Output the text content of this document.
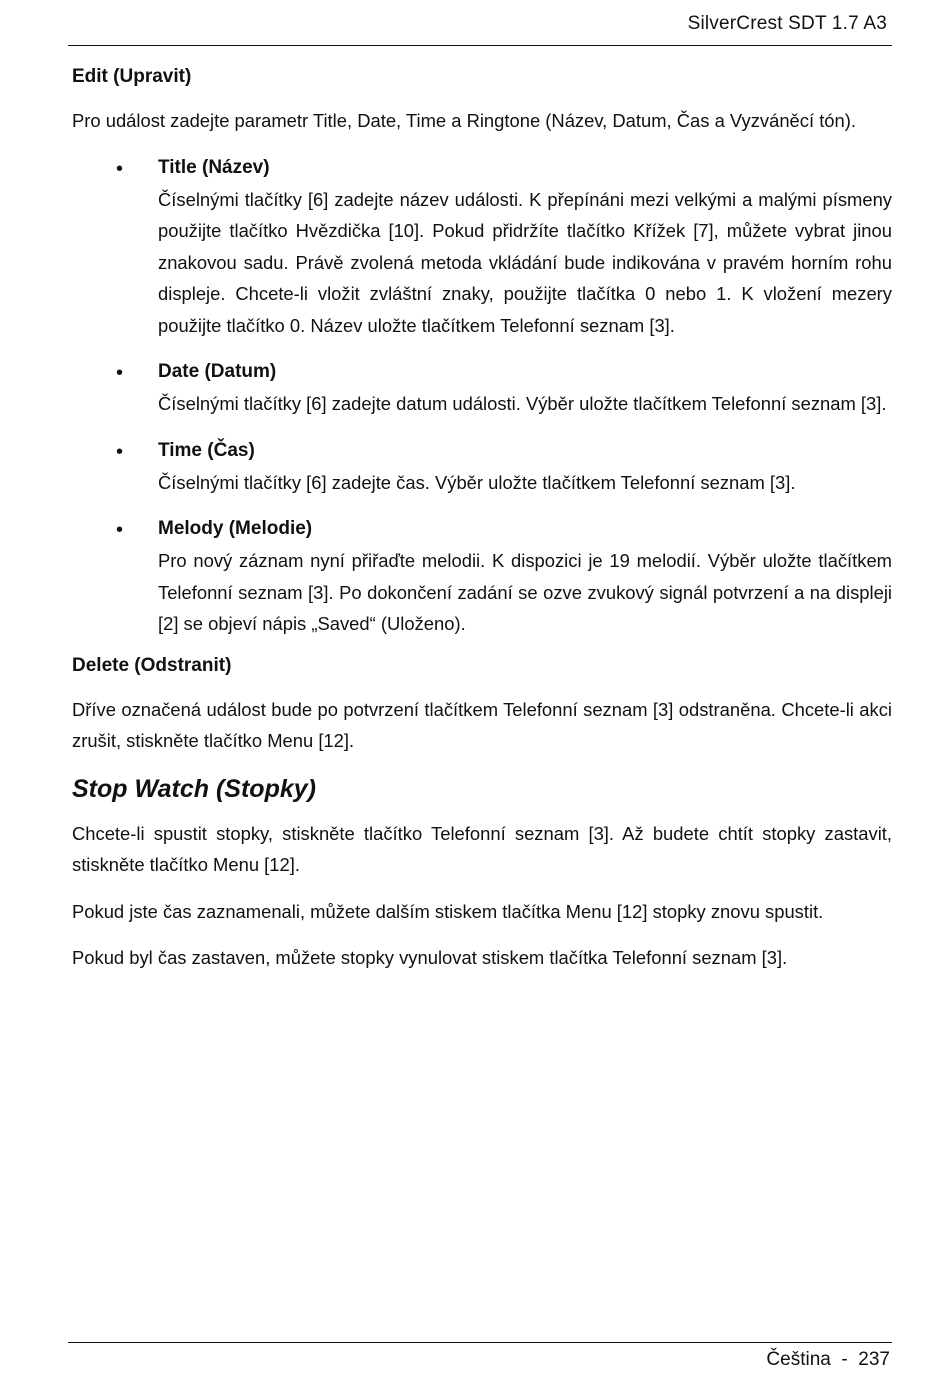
SilverCrest SDT 1.7 A3
Edit (Upravit)

Pro událost zadejte parametr Title, Date, Time a Ringtone (Název, Datum, Čas a Vyzváněcí tón).

• Title (Název)

Číselnými tlačítky [6] zadejte název události. K přepínáni mezi velkými a malými písmeny použijte tlačítko Hvězdička [10]. Pokud přidržíte tlačítko Křížek [7], můžete vybrat jinou znakovou sadu. Právě zvolená metoda vkládání bude indikována v pravém horním rohu displeje. Chcete-li vložit zvláštní znaky, použijte tlačítka 0 nebo 1. K vložení mezery použijte tlačítko 0. Název uložte tlačítkem Telefonní seznam [3].

• Date (Datum)

Číselnými tlačítky [6] zadejte datum události. Výběr uložte tlačítkem Telefonní seznam [3].

• Time (Čas)

Číselnými tlačítky [6] zadejte čas. Výběr uložte tlačítkem Telefonní seznam [3].

• Melody (Melodie)

Pro nový záznam nyní přiřaďte melodii. K dispozici je 19 melodií. Výběr uložte tlačítkem Telefonní seznam [3]. Po dokončení zadání se ozve zvukový signál potvrzení a na displeji [2] se objeví nápis „Saved“ (Uloženo).

Delete (Odstranit)

Dříve označená událost bude po potvrzení tlačítkem Telefonní seznam [3] odstraněna. Chcete-li akci zrušit, stiskněte tlačítko Menu [12].

Stop Watch (Stopky)

Chcete-li spustit stopky, stiskněte tlačítko Telefonní seznam [3]. Až budete chtít stopky zastavit, stiskněte tlačítko Menu [12].

Pokud jste čas zaznamenali, můžete dalším stiskem tlačítka Menu [12] stopky znovu spustit.

Pokud byl čas zastaven, můžete stopky vynulovat stiskem tlačítka Telefonní seznam [3].

Čeština  -  237
